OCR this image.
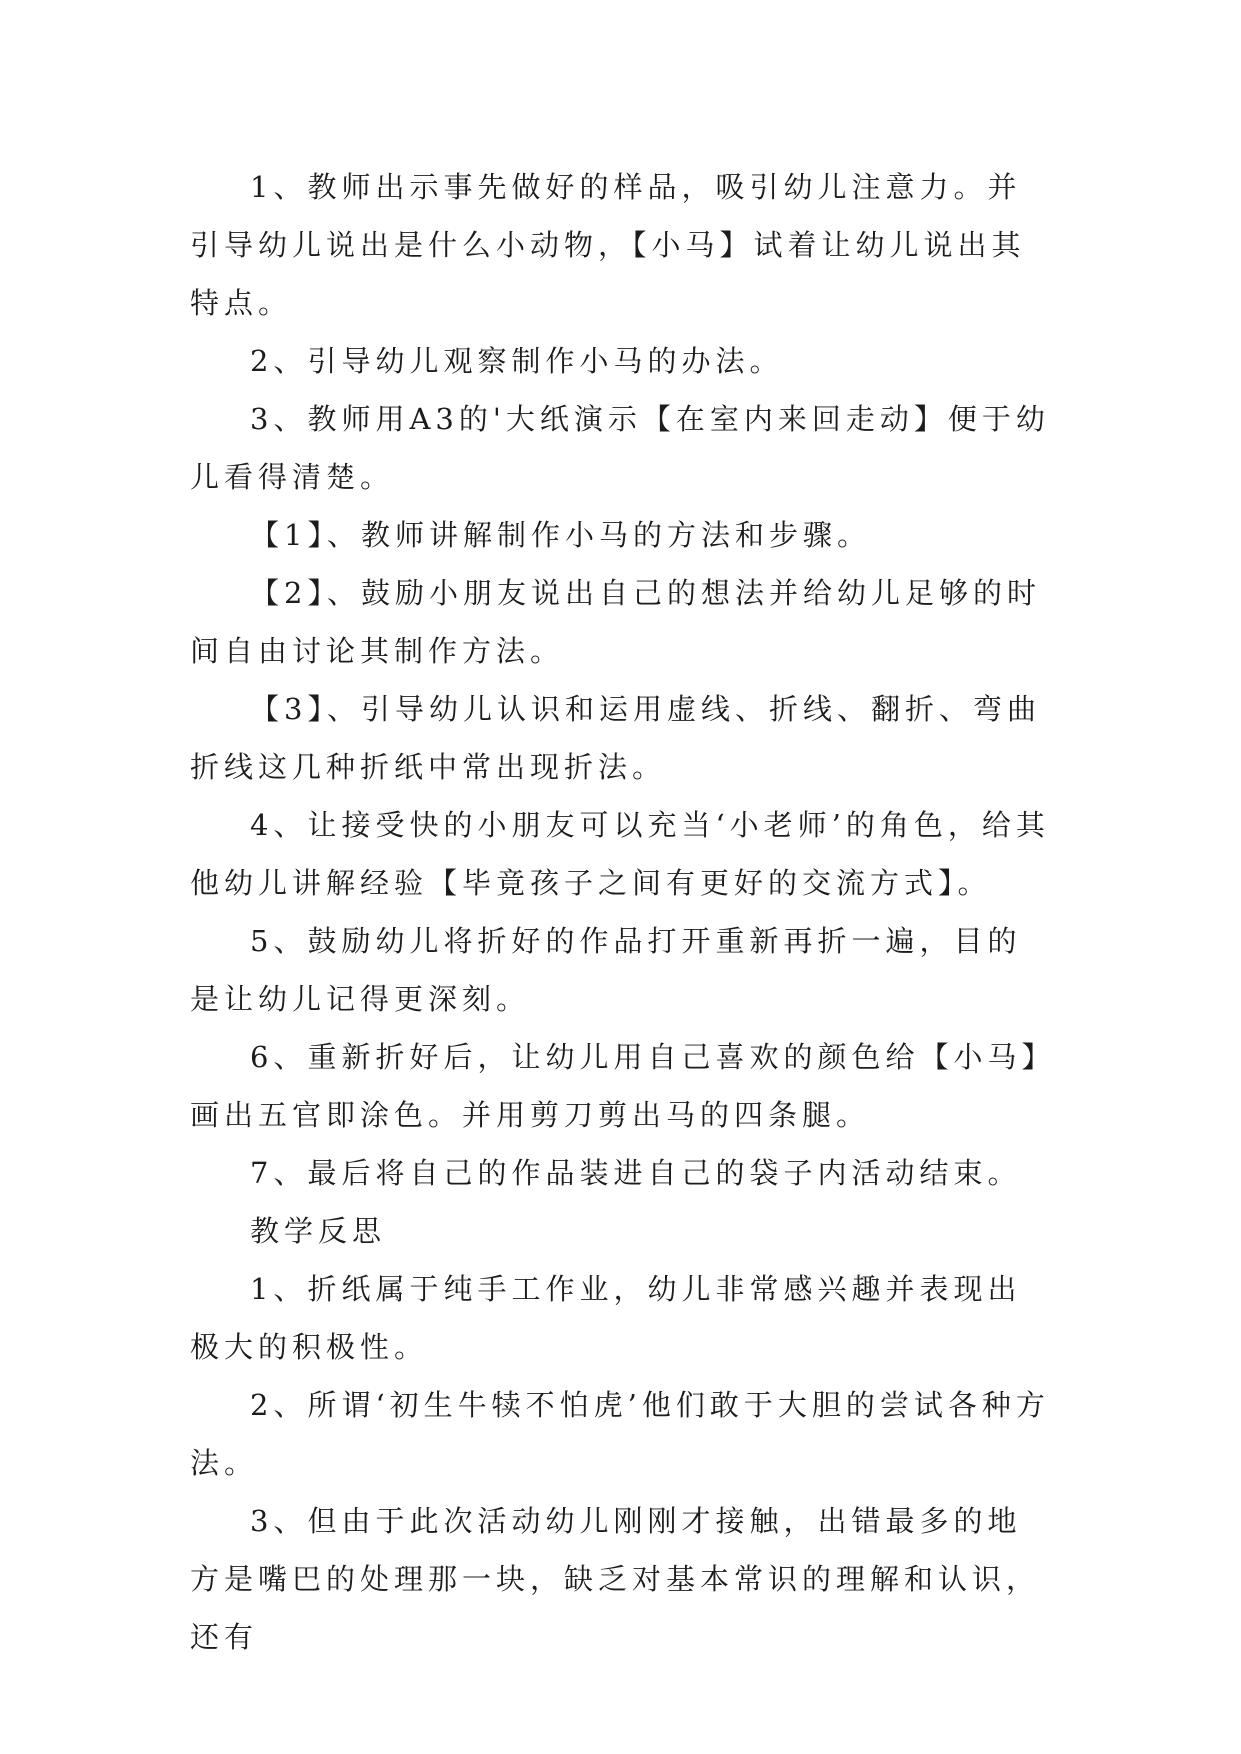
1、教师出示事先做好的样品，吸引幼儿注意力。并引导幼儿说出是什么小动物，【小马】试着让幼儿说出其特点。

2、引导幼儿观察制作小马的办法。

3、教师用A3的'大纸演示【在室内来回走动】便于幼儿看得清楚。

【1】、教师讲解制作小马的方法和步骤。

【2】、鼓励小朋友说出自己的想法并给幼儿足够的时间自由讨论其制作方法。

【3】、引导幼儿认识和运用虚线、折线、翻折、弯曲折线这几种折纸中常出现折法。

4、让接受快的小朋友可以充当‘小老师’的角色，给其他幼儿讲解经验【毕竟孩子之间有更好的交流方式】。

5、鼓励幼儿将折好的作品打开重新再折一遍，目的是让幼儿记得更深刻。

6、重新折好后，让幼儿用自己喜欢的颜色给【小马】画出五官即涂色。并用剪刀剪出马的四条腿。

7、最后将自己的作品装进自己的袋子内活动结束。

教学反思

1、折纸属于纯手工作业，幼儿非常感兴趣并表现出极大的积极性。

2、所谓‘初生牛犊不怕虎’他们敢于大胆的尝试各种方法。

3、但由于此次活动幼儿刚刚才接触，出错最多的地方是嘴巴的处理那一块，缺乏对基本常识的理解和认识，还有
